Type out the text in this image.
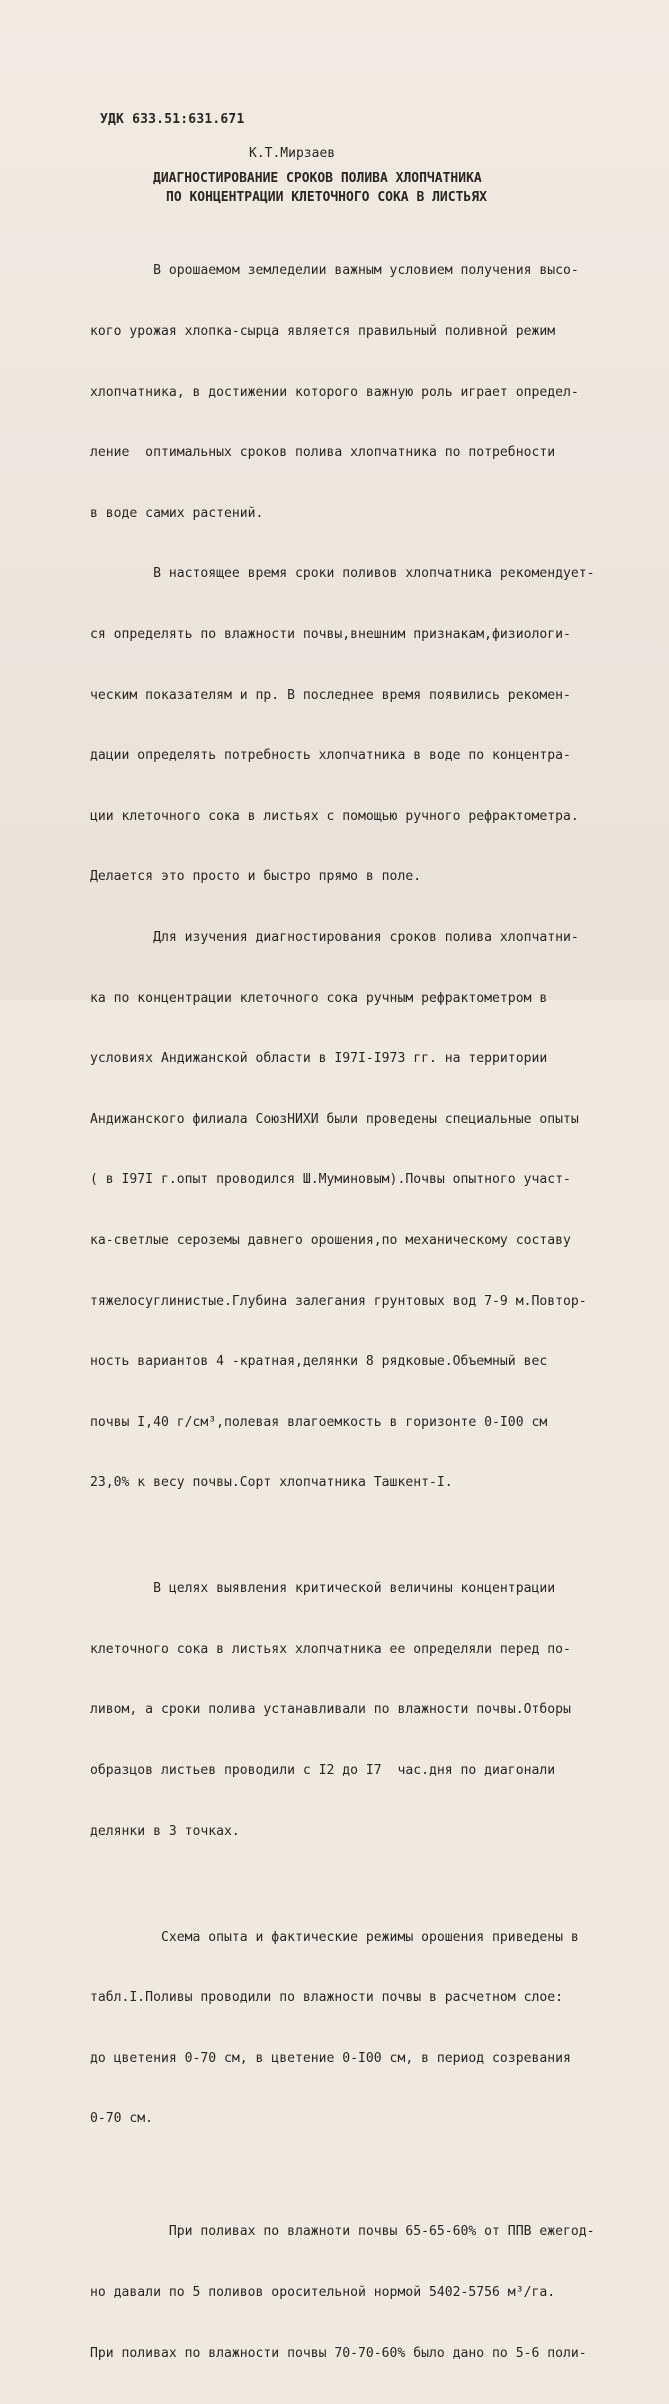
УДК 633.51:631.671
К.Т.Мирзаев
ДИАГНОСТИРОВАНИЕ СРОКОВ ПОЛИВА ХЛОПЧАТНИКА
ПО КОНЦЕНТРАЦИИ КЛЕТОЧНОГО СОКА В ЛИСТЬЯХ

В орошаемом земледелии важным условием получения высо-

кого урожая хлопка-сырца является правильный поливной режим

хлопчатника, в достижении которого важную роль играет определ-

ление  оптимальных сроков полива хлопчатника по потребности

в воде самих растений.

В настоящее время сроки поливов хлопчатника рекомендует-

ся определять по влажности почвы,внешним признакам,физиологи-

ческим показателям и пр. В последнее время появились рекомен-

дации определять потребность хлопчатника в воде по концентра-

ции клеточного сока в листьях с помощью ручного рефрактометра.

Делается это просто и быстро прямо в поле.

Для изучения диагностирования сроков полива хлопчатни-

ка по концентрации клеточного сока ручным рефрактометром в

условиях Андижанской области в I97I-I973 гг. на территории

Андижанского филиала СоюзНИХИ были проведены специальные опыты

( в I97I г.опыт проводился Ш.Муминовым).Почвы опытного участ-

ка-светлые сероземы давнего орошения,по механическому составу

тяжелосуглинистые.Глубина залегания грунтовых вод 7-9 м.Повтор-

ность вариантов 4 -кратная,делянки 8 рядковые.Объемный вес

почвы I,40 г/см³,полевая влагоемкость в горизонте 0-I00 см

23,0% к весу почвы.Сорт хлопчатника Ташкент-I.

В целях выявления критической величины концентрации

клеточного сока в листьях хлопчатника ее определяли перед по-

ливом, а сроки полива устанавливали по влажности почвы.Отборы

образцов листьев проводили с I2 до I7  час.дня по диагонали

делянки в 3 точках.

Схема опыта и фактические режимы орошения приведены в

табл.I.Поливы проводили по влажности почвы в расчетном слое:

до цветения 0-70 см, в цветение 0-I00 см, в период созревания

0-70 см.

При поливах по влажноти почвы 65-65-60% от ППВ ежегод-

но давали по 5 поливов оросительной нормой 5402-5756 м³/га.

При поливах по влажности почвы 70-70-60% было дано по 5-6 поли-
